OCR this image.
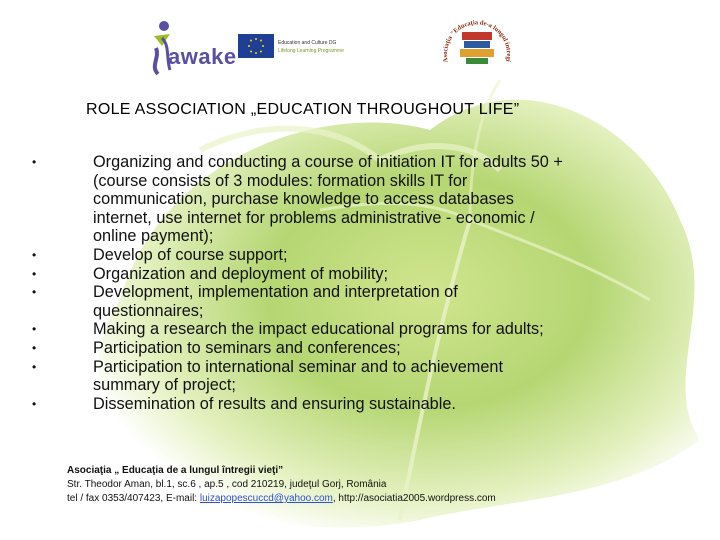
awake
Education and Culture DG
Lifelong Learning Programme
Asociaţia "Educaţia de-a lungul întregi
ROLE ASSOCIATION „EDUCATION THROUGHOUT LIFE”
•	Organizing and conducting a course of initiation IT for adults 50 +
(course consists of 3 modules: formation skills IT for
communication, purchase knowledge to access databases
internet, use internet for problems administrative - economic /
online payment);
•	Develop of course support;
•	Organization and deployment of mobility;
•	Development, implementation and interpretation of
questionnaires;
•	Making a research the impact educational programs for adults;
•	Participation to seminars and conferences;
•	Participation to international seminar and to achievement
summary of project;
•	Dissemination of results and ensuring sustainable.
Asociaţia „ Educaţia de a lungul întregii vieţi”
Str. Theodor Aman, bl.1, sc.6 , ap.5 , cod 210219, judeţul Gorj, România
tel / fax 0353/407423, E-mail: luizapopescuccd@yahoo.com, http://asociatia2005.wordpress.com
